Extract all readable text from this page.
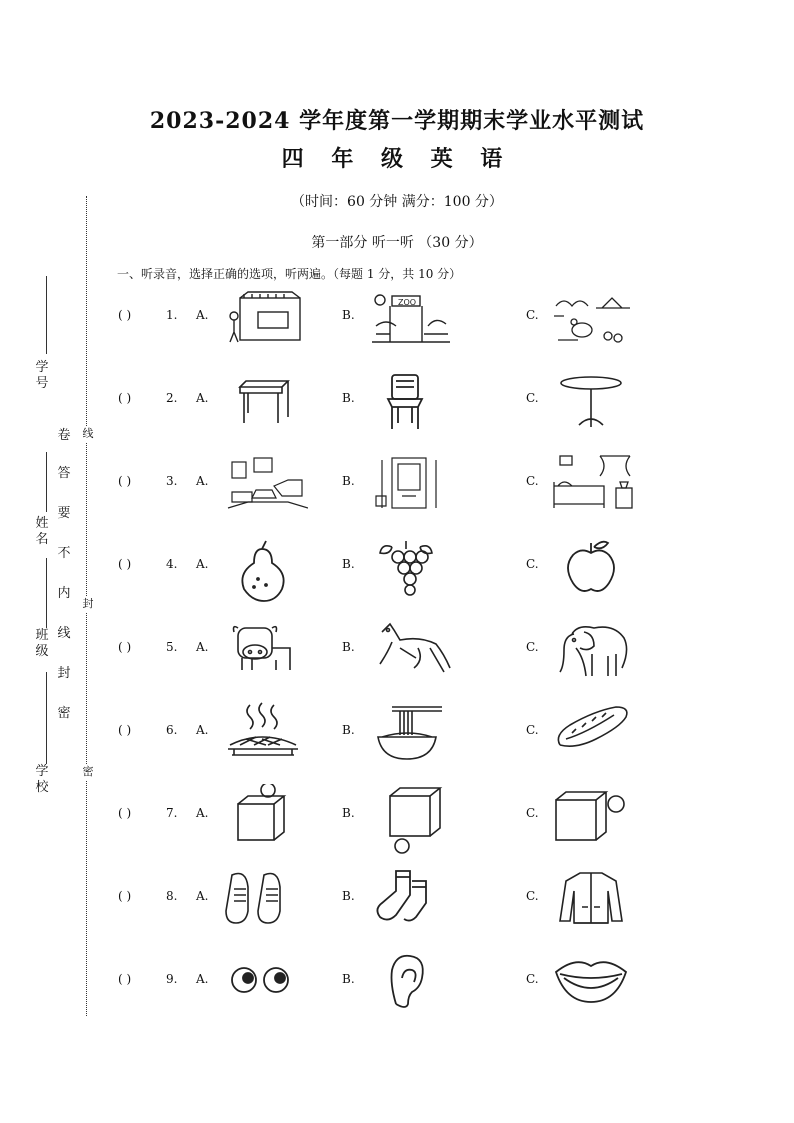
2023-2024 学年度第一学期期末学业水平测试
四 年 级 英 语
（时间：60 分钟 满分：100 分）
第一部分 听一听 （30 分）
一、听录音，选择正确的选项，听两遍。（每题 1 分，共 10 分）
学号
姓名
班级
学校
卷
答
要
不
内
线
封
密
线
封
密
( )	1. A.	B.	C.
( )	2. A.	B.	C.
( )	3. A.	B.	C.
( )	4. A.	B.	C.
( )	5. A.	B.	C.
( )	6. A.	B.	C.
( )	7. A.	B.	C.
( )	8. A.	B.	C.
( )	9. A.	B.	C.
